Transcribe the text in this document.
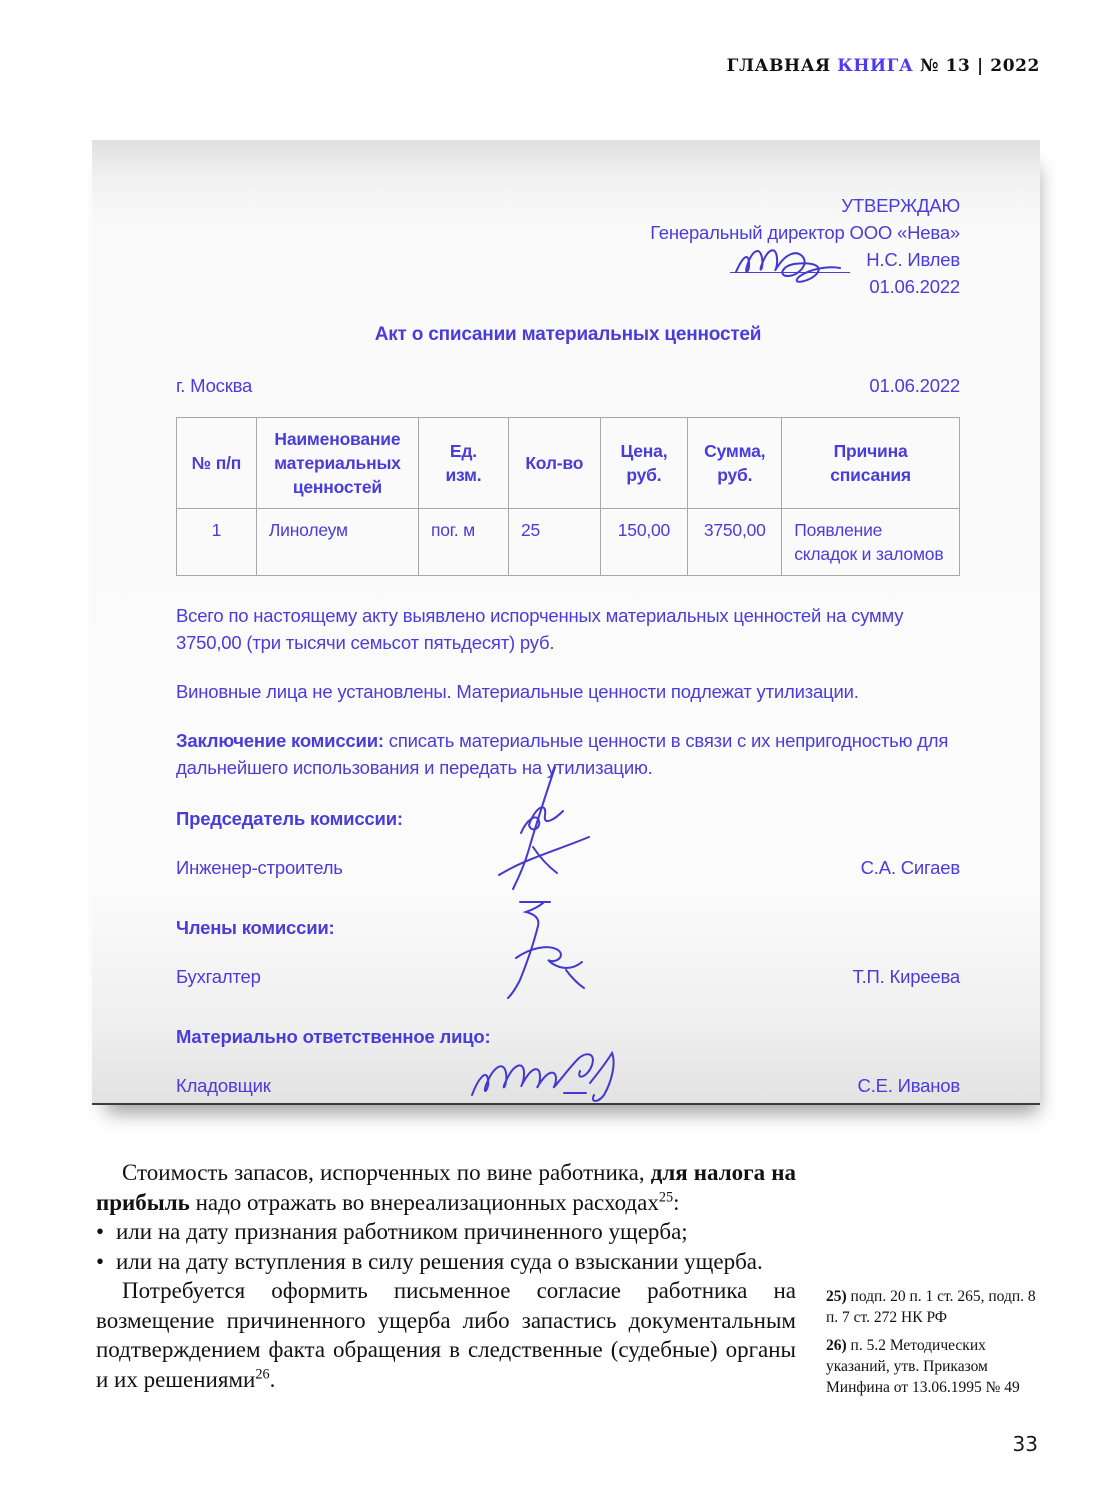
ГЛАВНАЯ КНИГА № 13 | 2022
УТВЕРЖДАЮ
Генеральный директор ООО «Нева»
Н.С. Ивлев
01.06.2022
Акт о списании материальных ценностей
г. Москва	01.06.2022
№ п/п	Наименование материальных ценностей	Ед. изм.	Кол-во	Цена, руб.	Сумма, руб.	Причина списания
1	Линолеум	пог. м	25	150,00	3750,00	Появление складок и заломов

Всего по настоящему акту выявлено испорченных материальных ценностей на сумму 3750,00 (три тысячи семьсот пятьдесят) руб.

Виновные лица не установлены. Материальные ценности подлежат утилизации.

Заключение комиссии: списать материальные ценности в связи с их непригодностью для дальнейшего использования и передать на утилизацию.

Председатель комиссии:
Инженер-строитель	С.А. Сигаев
Члены комиссии:
Бухгалтер	Т.П. Киреева
Материально ответственное лицо:
Кладовщик	С.Е. Иванов

Стоимость запасов, испорченных по вине работника, для налога на прибыль надо отражать во внереализационных расходах$^{25}$:

• или на дату признания работником причиненного ущерба;
• или на дату вступления в силу решения суда о взыскании ущерба.

Потребуется оформить письменное согласие работника на возмещение причиненного ущерба либо запастись документальным подтверждением факта обращения в следственные (судебные) органы и их решениями$^{26}$.

25) подп. 20 п. 1 ст. 265, подп. 8 п. 7 ст. 272 НК РФ
26) п. 5.2 Методических указаний, утв. Приказом Минфина от 13.06.1995 № 49
33
